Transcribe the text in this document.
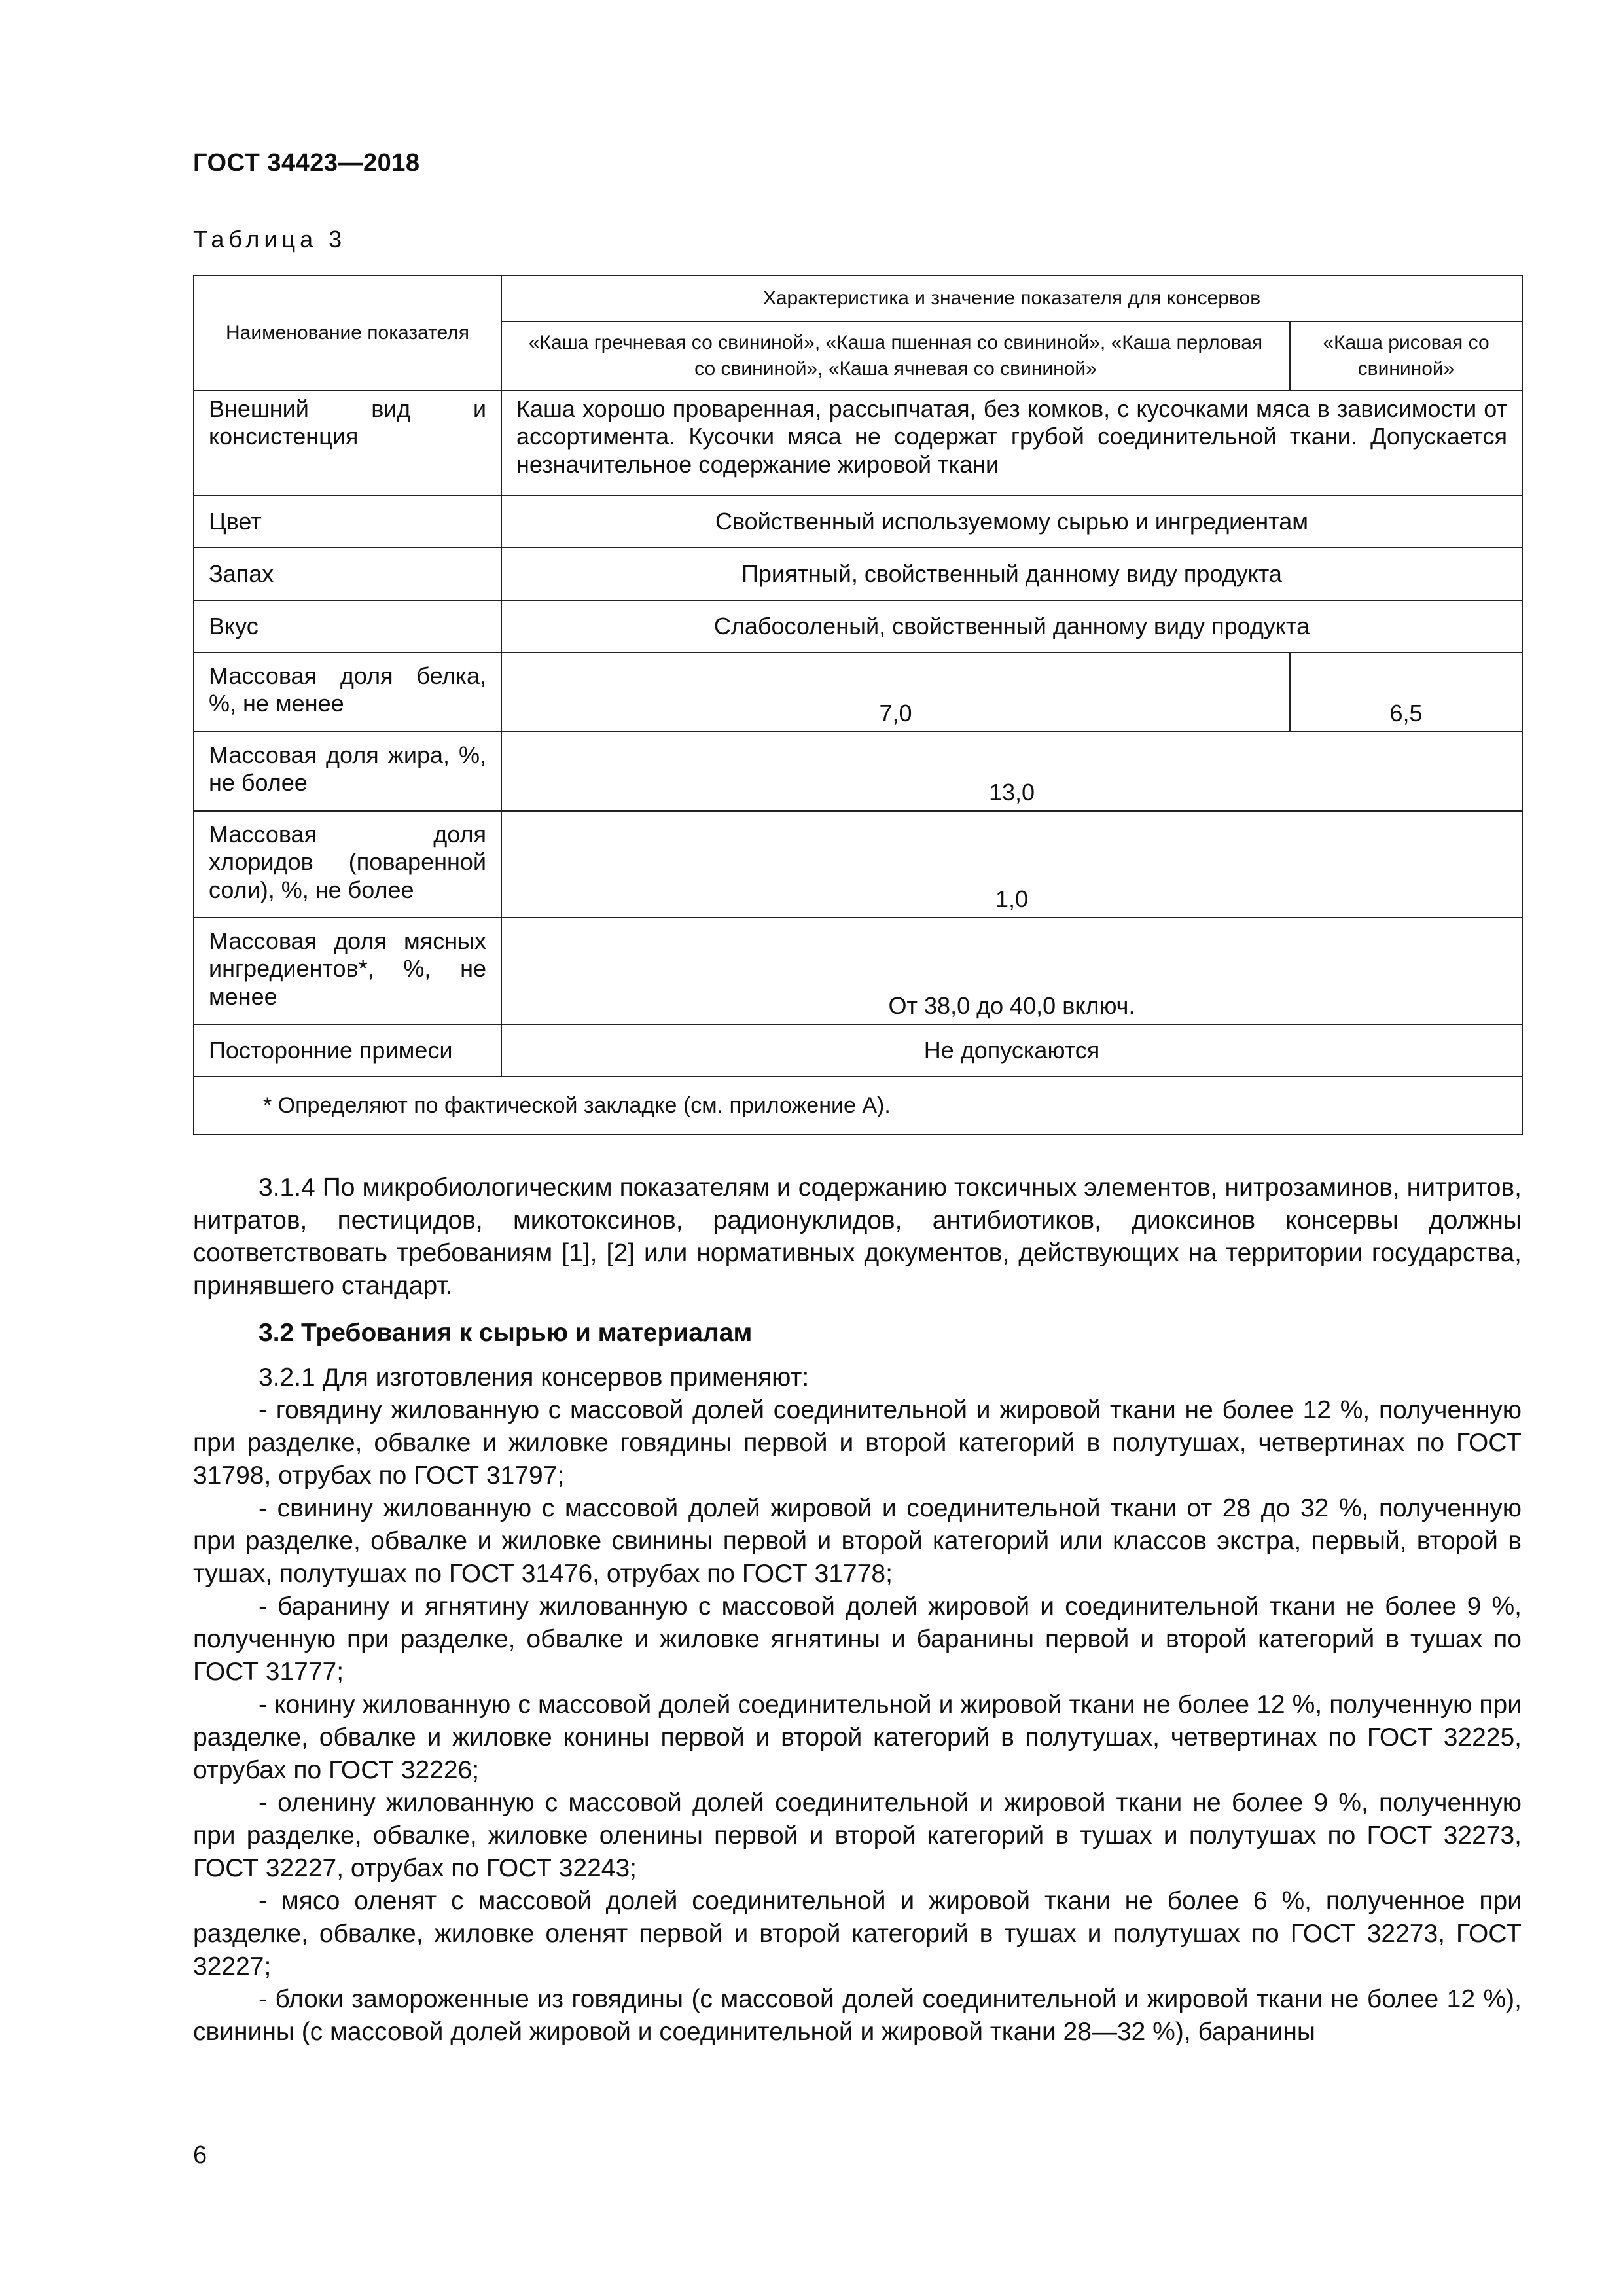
ГОСТ 34423—2018
Таблица 3
Наименование показателя	Характеристика и значение показателя для консервов	
	«Каша гречневая со свининой», «Каша пшенная со свининой», «Каша перловая со свининой», «Каша ячневая со свининой»	«Каша рисовая со свининой»
Внешний вид и консистенция	Каша хорошо проваренная, рассыпчатая, без комков, с кусочками мяса в зависимости от ассортимента. Кусочки мяса не содержат грубой соединительной ткани. Допускается незначительное содержание жировой ткани	
Цвет	Свойственный используемому сырью и ингредиентам	
Запах	Приятный, свойственный данному виду продукта	
Вкус	Слабосоленый, свойственный данному виду продукта	
Массовая доля белка, %, не менее	7,0	6,5
Массовая доля жира, %, не более	13,0	
Массовая доля хлоридов (поваренной соли), %, не более	1,0	
Массовая доля мясных ингредиентов*, %, не менее	От 38,0 до 40,0 включ.	
Посторонние примеси	Не допускаются	
* Определяют по фактической закладке (см. приложение А).		

3.1.4 По микробиологическим показателям и содержанию токсичных элементов, нитрозаминов, нитритов, нитратов, пестицидов, микотоксинов, радионуклидов, антибиотиков, диоксинов консервы должны соответствовать требованиям [1], [2] или нормативных документов, действующих на территории государства, принявшего стандарт.

3.2 Требования к сырью и материалам

3.2.1 Для изготовления консервов применяют:

- говядину жилованную с массовой долей соединительной и жировой ткани не более 12 %, полученную при разделке, обвалке и жиловке говядины первой и второй категорий в полутушах, четвертинах по ГОСТ 31798, отрубах по ГОСТ 31797;

- свинину жилованную с массовой долей жировой и соединительной ткани от 28 до 32 %, полученную при разделке, обвалке и жиловке свинины первой и второй категорий или классов экстра, первый, второй в тушах, полутушах по ГОСТ 31476, отрубах по ГОСТ 31778;

- баранину и ягнятину жилованную с массовой долей жировой и соединительной ткани не более 9 %, полученную при разделке, обвалке и жиловке ягнятины и баранины первой и второй категорий в тушах по ГОСТ 31777;

- конину жилованную с массовой долей соединительной и жировой ткани не более 12 %, полученную при разделке, обвалке и жиловке конины первой и второй категорий в полутушах, четвертинах по ГОСТ 32225, отрубах по ГОСТ 32226;

- оленину жилованную с массовой долей соединительной и жировой ткани не более 9 %, полученную при разделке, обвалке, жиловке оленины первой и второй категорий в тушах и полутушах по ГОСТ 32273, ГОСТ 32227, отрубах по ГОСТ 32243;

- мясо оленят с массовой долей соединительной и жировой ткани не более 6 %, полученное при разделке, обвалке, жиловке оленят первой и второй категорий в тушах и полутушах по ГОСТ 32273, ГОСТ 32227;

- блоки замороженные из говядины (с массовой долей соединительной и жировой ткани не более 12 %), свинины (с массовой долей жировой и соединительной и жировой ткани 28—32 %), баранины

6
